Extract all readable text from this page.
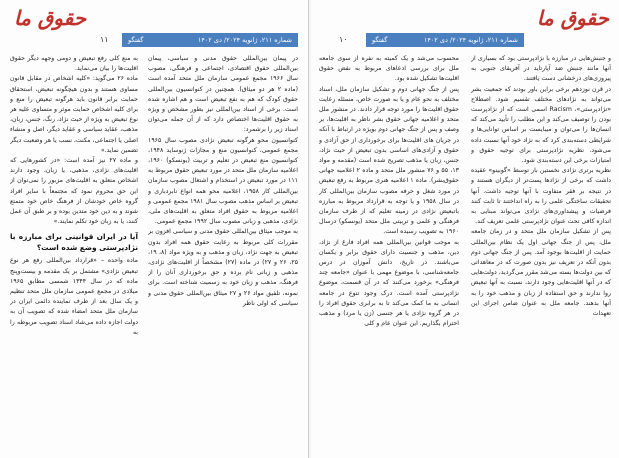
حقوق ما
۱۱	گفتگو	شماره ۲۱۱، ژانویه ۲۰۲۴/ دی ۱۴۰۲

در پیمان بین‌المللی حقوق مدنی و سیاسی، پیمان بین‌المللی حقوق اقتصادی، اجتماعی و فرهنگی، مصوب سال ۱۹۶۶ مجمع عمومی سازمان ملل متحد آمده است (ماده ۲ هر دو میثاق). همچنین در کنوانسیون بین‌المللی حقوق کودک که هم به نفع تبعیض است و هم اشاره شده است. برخی از اسناد بین‌المللی نیز بطور مشخص و ویژه به حقوق اقلیت‌ها اختصاص دارد که از آن جمله می‌توان اسناد زیر را برشمرد:

کنوانسیون محو هرگونه تبعیض نژادی مصوب سال ۱۹۶۵ مجمع عمومی، کنوانسیون منع و مجازات ژنوساید ۱۹۴۸، کنوانسیون منع تبعیض در تعلیم و تربیت (یونسکو) ۱۹۶۰، اعلامیه سازمان ملل متحد در مورد تبعیض حقوق مربوط به ۱۱۱ در مورد تبعیض در استخدام و اشتغال مصوب سازمان بین‌المللی کار ۱۹۵۸، اعلامیه محو همه انواع نابردباری و تبعیض بر اساس مذهب مصوب سال ۱۹۸۱ مجمع عمومی و اعلامیه مربوط به حقوق افراد متعلق به اقلیت‌های ملی، نژادی، مذهبی و زبانی مصوب سال ۱۹۹۲ مجمع عمومی.

به موجب میثاق بین‌المللی حقوق مدنی و سیاسی افزون بر مقررات کلی مربوط به رعایت حقوق همه افراد بدون تبعیض به جهت نژاد، زبان و مذهب و به ویژه مواد (۸، ۱۹، ۲۵، ۲۶ و ۲۷) در ماده (۲۷) مشخصاً از اقلیت‌های نژادی، مذهبی و زبانی نام برده و حق برخورداری آنان را از فرهنگ، مذهب و زبان خود به رسمیت شناخته است. برای نمونه، تلفیق مواد ۲۶ و ۲۷ میثاق بین‌المللی حقوق مدنی و سیاسی که اولی ناظر

به منع کلی رفع تبعیض و دومی وجهه دیگر حقوق اقلیت‌ها را بیان می‌نماید.

ماده ۲۶ می‌گوید: «کلیه اشخاص در مقابل قانون مساوی هستند و بدون هیچگونه تبعیض، استحقاق حمایت برابر قانون باید هرگونه تبعیض را منع و برای کلیه اشخاص حمایت موثر و متساوی علیه هر نوع تبعیض به ویژه از حیث نژاد، رنگ، جنس، زبان، مذهب، عقاید سیاسی و عقاید دیگر، اصل و منشاء اصلی یا اجتماعی، مکنت، نسب یا هر وضعیت دیگر تضمین نماید.»

و ماده ۲۷ نیز آمده است: «در کشورهایی که اقلیت‌های نژادی، مذهبی، یا زبان، وجود دارند اشخاص متعلق به اقلیت‌های مزبور را نمی‌توان از این حق محروم نمود که مجتمعاً با سایر افراد گروه خاص خودشان از فرهنگ خاص خود متمتع شوند و به دین خود متدین بوده و بر طبق آن عمل کنند، یا به زبان خود تکلم نمایند.»

آیا در ایران قوانینی برای مبارزه با نژادپرستی وضع شده است؟

ماده واحده – «قرارداد بین‌المللی رفع هر نوع تبعیض نژادی» مشتمل بر یک مقدمه و بیست‌وپنج ماده که در سال ۱۳۴۴ شمسی مطابق ۱۹۶۵ میلادی در مجمع عمومی سازمان ملل متحد تنظیم و یک سال بعد از طرف نماینده دائمی ایران در سازمان ملل متحد امضاء شده که تصویب آن به دولت اجازه داده می‌شاد اسناد تصویب مربوطه را به

حقوق ما
۱۰	گفتگو	شماره ۲۱۱، ژانویه ۲۰۲۴/ دی ۱۴۰۲

و جنبش‌هایی در مبارزه با نژادپرستی بود که بسیاری از آنها مانند جنبش ضد آپارتاید در آفریقای جنوبی به پیروزی‌های درخشانی دست یافتند.

در قرن نوزدهم برخی براین باور بودند که جمعیت بشر می‌تواند به نژادهای مختلف تقسیم شود. اصطلاح «نژادپرستی»، Racism اسمی است که از نژادپرست بودن را توصیف می‌کند و این مطلب را تأیید می‌کند که انسان‌ها را می‌توان و میبایست بر اساس توانایی‌ها و شرایطی دسته‌بندی کرد که به نژاد خود آنها نسبت داده می‌شود. نظریه نژادپرستی برای توجیه حقوق و امتیازات برخی این دسته‌بندی شود.

نظریه برتری نژادی نخستین بار توسط «گوبینو» عقیده داشت که برخی از نژادها پست‌تر از دیگران هستند و در نتیجه بر فقر متفاوت با آنها توجیه داشت. آنها تحقیقات ساختگی علمی را به راه انداختند تا ثابت کنند فرضیات و پیشداوری‌های نژادی می‌تواند مبنایی به اندازه کافی تحت عنوان نژادپرستی علمی تعریف کند.

پس از تشکیل سازمان ملل متحد و در زمان جامعه ملل، پس از جنگ جهانی اول یک نظام بین‌المللی حمایت از اقلیت‌ها بوجود آمد. پس از جنگ جهانی دوم بدون آنکه در تعریف نیز بدون صورت که در معاهداتی که بین دولت‌ها بسته می‌شد مقرر می‌گردید، دولت‌هایی که در آنها اقلیت‌هایی وجود دارند، نسبت به آنها تبعیض روا ندارند و حق استفاده از زبان و مذهب خود را به آنها بدهند. جامعه ملل به عنوان ضامن اجرای این تعهدات

محسوب می‌شد و یک کمیته به نفره از سوی جامعه ملل برای بررسی ادعاهای مربوط به نقض حقوق اقلیت‌ها تشکیل شده بود.

پس از جنگ جهانی دوم و تشکیل سازمان ملل، اسناد مختلف به نحو عام و یا به صورت خاص، مسئله رعایت حقوق اقلیت‌ها را مورد توجه قرار دادند. در منشور ملل متحد و اعلامیه جهانی حقوق بشر ناظر به اقلیت‌ها، بر وصف و پس از جنگ جهانی دوم بویژه در ارتباط با آنکه در جریان های اقلیت‌ها برای برخورداری از حق آزادی و حقوق و آزادی‌های اساسی بدون تبعیض از حیث نژاد، جنس، زبان یا مذهب تصریح شده است (مقدمه و مواد ۱۳، ۵۵ و ۷۶ منشور ملل متحد و ماده ۲ اعلامیه جهانی حقوق‌بشر). ماده ۱ اعلامیه هنری مربوط به رفع تبعیض در مورد شغل و حرفه مصوب سازمان بین‌المللی کار در سال ۱۹۵۸ و یا توجه به قرارداد مربوط به مبارزه باتبعیض نژادی در زمینه تعلیم که از طرف سازمان فرهنگی و علمی و تربیتی ملل متحد (یونسکو) درسال ۱۹۶۰ به تصویب رسیده است.

به موجب قوانین بین‌المللی همه افراد فارغ از نژاد، دین، مذهب و جنسیت دارای حقوق برابر و یکسان می‌باشند. در تاریخ، دانش آموزان در درس جامعه‌شناسی، با موضوع مهمی با عنوان «جامعه چند فرهنگی» برخورد می‌کنند که در آن قسمت، موضوع نژادپرستی آمده است. درک وجود تنوع در جامعه انسانی به ما کمک می‌کند تا به برابری حقوق افراد را در هر گروه نژادی یا هر جنسی (زن یا مرد) و مذهب احترام بگذاریم. این عنوان عام و کلی
